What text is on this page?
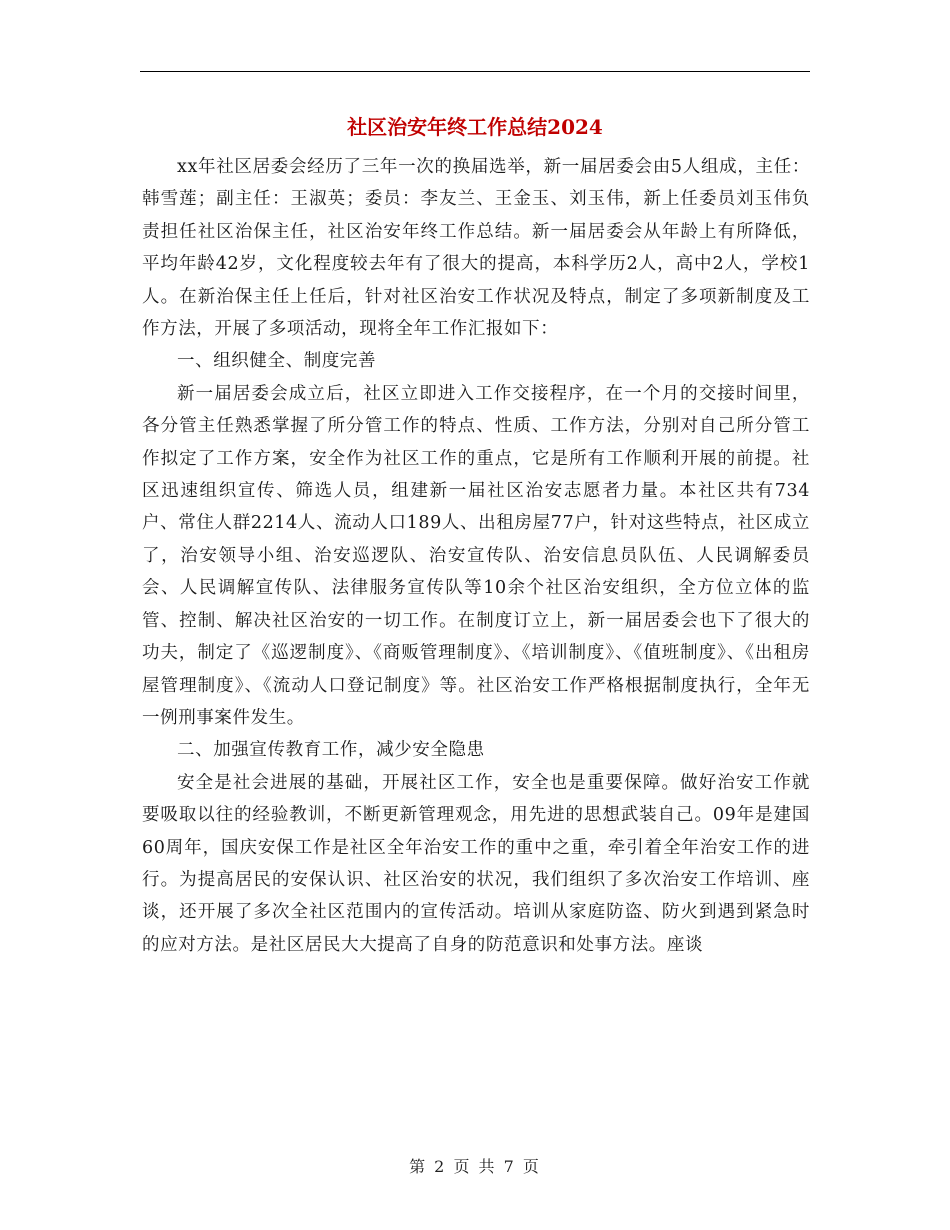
社区治安年终工作总结2024

xx年社区居委会经历了三年一次的换届选举，新一届居委会由5人组成，主任：韩雪莲；副主任：王淑英；委员：李友兰、王金玉、刘玉伟，新上任委员刘玉伟负责担任社区治保主任，社区治安年终工作总结。新一届居委会从年龄上有所降低，平均年龄42岁，文化程度较去年有了很大的提高，本科学历2人，高中2人，学校1人。在新治保主任上任后，针对社区治安工作状况及特点，制定了多项新制度及工作方法，开展了多项活动，现将全年工作汇报如下：

一、组织健全、制度完善

新一届居委会成立后，社区立即进入工作交接程序，在一个月的交接时间里，各分管主任熟悉掌握了所分管工作的特点、性质、工作方法，分别对自己所分管工作拟定了工作方案，安全作为社区工作的重点，它是所有工作顺利开展的前提。社区迅速组织宣传、筛选人员，组建新一届社区治安志愿者力量。本社区共有734户、常住人群2214人、流动人口189人、出租房屋77户，针对这些特点，社区成立了，治安领导小组、治安巡逻队、治安宣传队、治安信息员队伍、人民调解委员会、人民调解宣传队、法律服务宣传队等10余个社区治安组织，全方位立体的监管、控制、解决社区治安的一切工作。在制度订立上，新一届居委会也下了很大的功夫，制定了《巡逻制度》、《商贩管理制度》、《培训制度》、《值班制度》、《出租房屋管理制度》、《流动人口登记制度》等。社区治安工作严格根据制度执行，全年无一例刑事案件发生。

二、加强宣传教育工作，减少安全隐患

安全是社会进展的基础，开展社区工作，安全也是重要保障。做好治安工作就要吸取以往的经验教训，不断更新管理观念，用先进的思想武装自己。09年是建国60周年，国庆安保工作是社区全年治安工作的重中之重，牵引着全年治安工作的进行。为提高居民的安保认识、社区治安的状况，我们组织了多次治安工作培训、座谈，还开展了多次全社区范围内的宣传活动。培训从家庭防盗、防火到遇到紧急时的应对方法。是社区居民大大提高了自身的防范意识和处事方法。座谈

第 2 页 共 7 页
